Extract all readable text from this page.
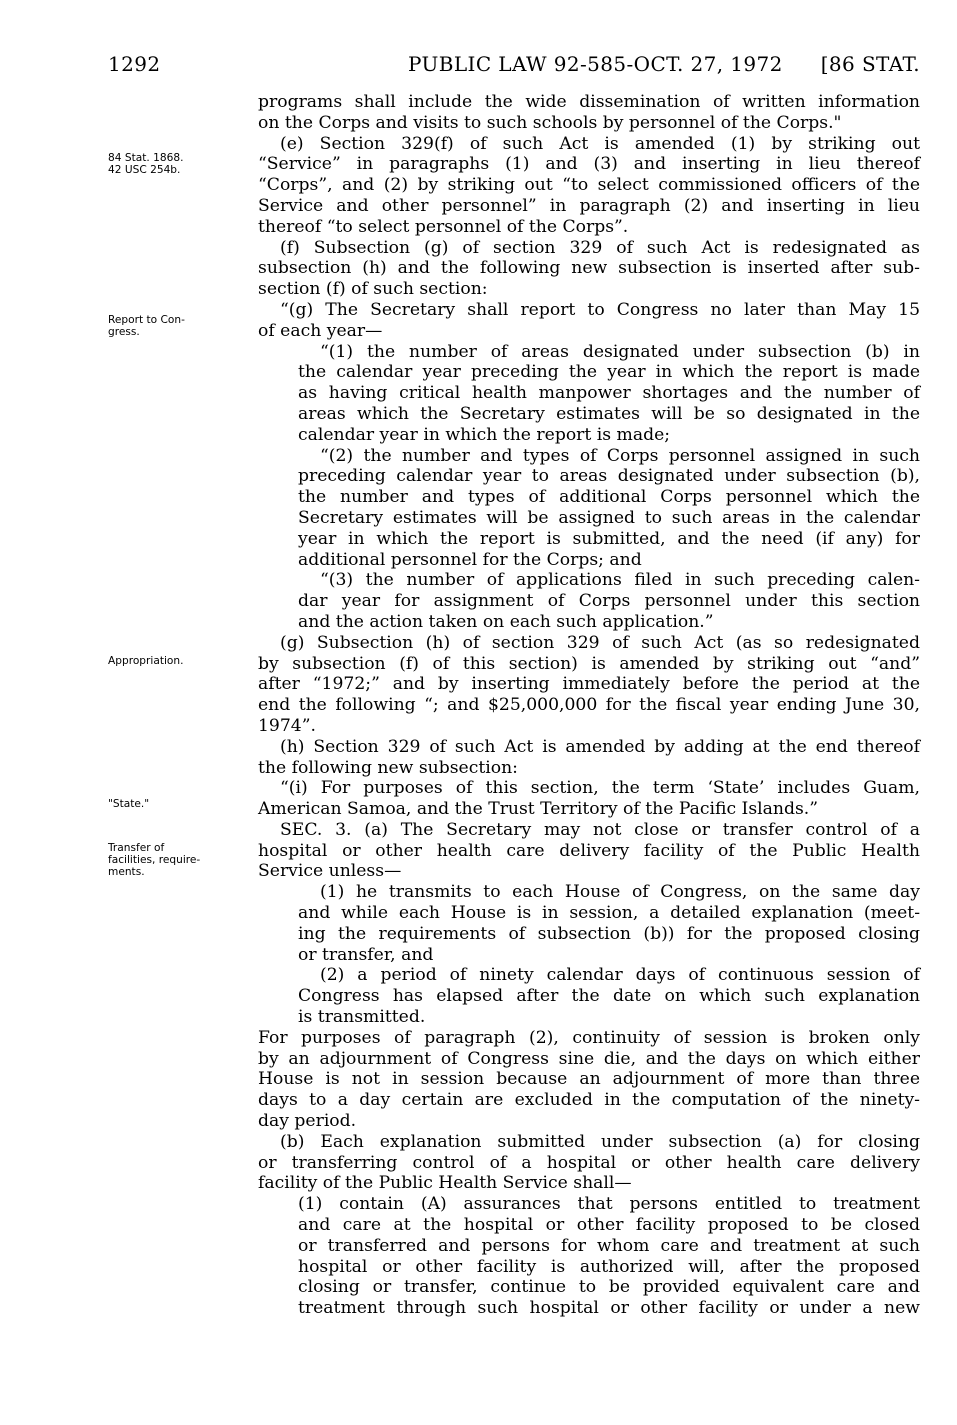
1292	PUBLIC LAW 92-585-OCT. 27, 1972 [86 STAT.
84 Stat. 1868.
42 USC 254b.
Report to Con-
gress.
Appropriation.
"State."
Transfer of
facilities, require-
ments.
programs shall include the wide dissemination of written information
on the Corps and visits to such schools by personnel of the Corps."
(e) Section 329(f) of such Act is amended (1) by striking out
“Service” in paragraphs (1) and (3) and inserting in lieu thereof
“Corps”, and (2) by striking out “to select commissioned officers of the
Service and other personnel” in paragraph (2) and inserting in lieu
thereof “to select personnel of the Corps”.
(f) Subsection (g) of section 329 of such Act is redesignated as
subsection (h) and the following new subsection is inserted after sub-
section (f) of such section:
“(g) The Secretary shall report to Congress no later than May 15
of each year—
“(1) the number of areas designated under subsection (b) in
the calendar year preceding the year in which the report is made
as having critical health manpower shortages and the number of
areas which the Secretary estimates will be so designated in the
calendar year in which the report is made;
“(2) the number and types of Corps personnel assigned in such
preceding calendar year to areas designated under subsection (b),
the number and types of additional Corps personnel which the
Secretary estimates will be assigned to such areas in the calendar
year in which the report is submitted, and the need (if any) for
additional personnel for the Corps; and
“(3) the number of applications filed in such preceding calen-
dar year for assignment of Corps personnel under this section
and the action taken on each such application.”
(g) Subsection (h) of section 329 of such Act (as so redesignated
by subsection (f) of this section) is amended by striking out “and”
after “1972;” and by inserting immediately before the period at the
end the following “; and $25,000,000 for the fiscal year ending June 30,
1974”.
(h) Section 329 of such Act is amended by adding at the end thereof
the following new subsection:
“(i) For purposes of this section, the term ‘State’ includes Guam,
American Samoa, and the Trust Territory of the Pacific Islands.”
SEC. 3. (a) The Secretary may not close or transfer control of a
hospital or other health care delivery facility of the Public Health
Service unless—
(1) he transmits to each House of Congress, on the same day
and while each House is in session, a detailed explanation (meet-
ing the requirements of subsection (b)) for the proposed closing
or transfer, and
(2) a period of ninety calendar days of continuous session of
Congress has elapsed after the date on which such explanation
is transmitted.
For purposes of paragraph (2), continuity of session is broken only
by an adjournment of Congress sine die, and the days on which either
House is not in session because an adjournment of more than three
days to a day certain are excluded in the computation of the ninety-
day period.
(b) Each explanation submitted under subsection (a) for closing
or transferring control of a hospital or other health care delivery
facility of the Public Health Service shall—
(1) contain (A) assurances that persons entitled to treatment
and care at the hospital or other facility proposed to be closed
or transferred and persons for whom care and treatment at such
hospital or other facility is authorized will, after the proposed
closing or transfer, continue to be provided equivalent care and
treatment through such hospital or other facility or under a new
